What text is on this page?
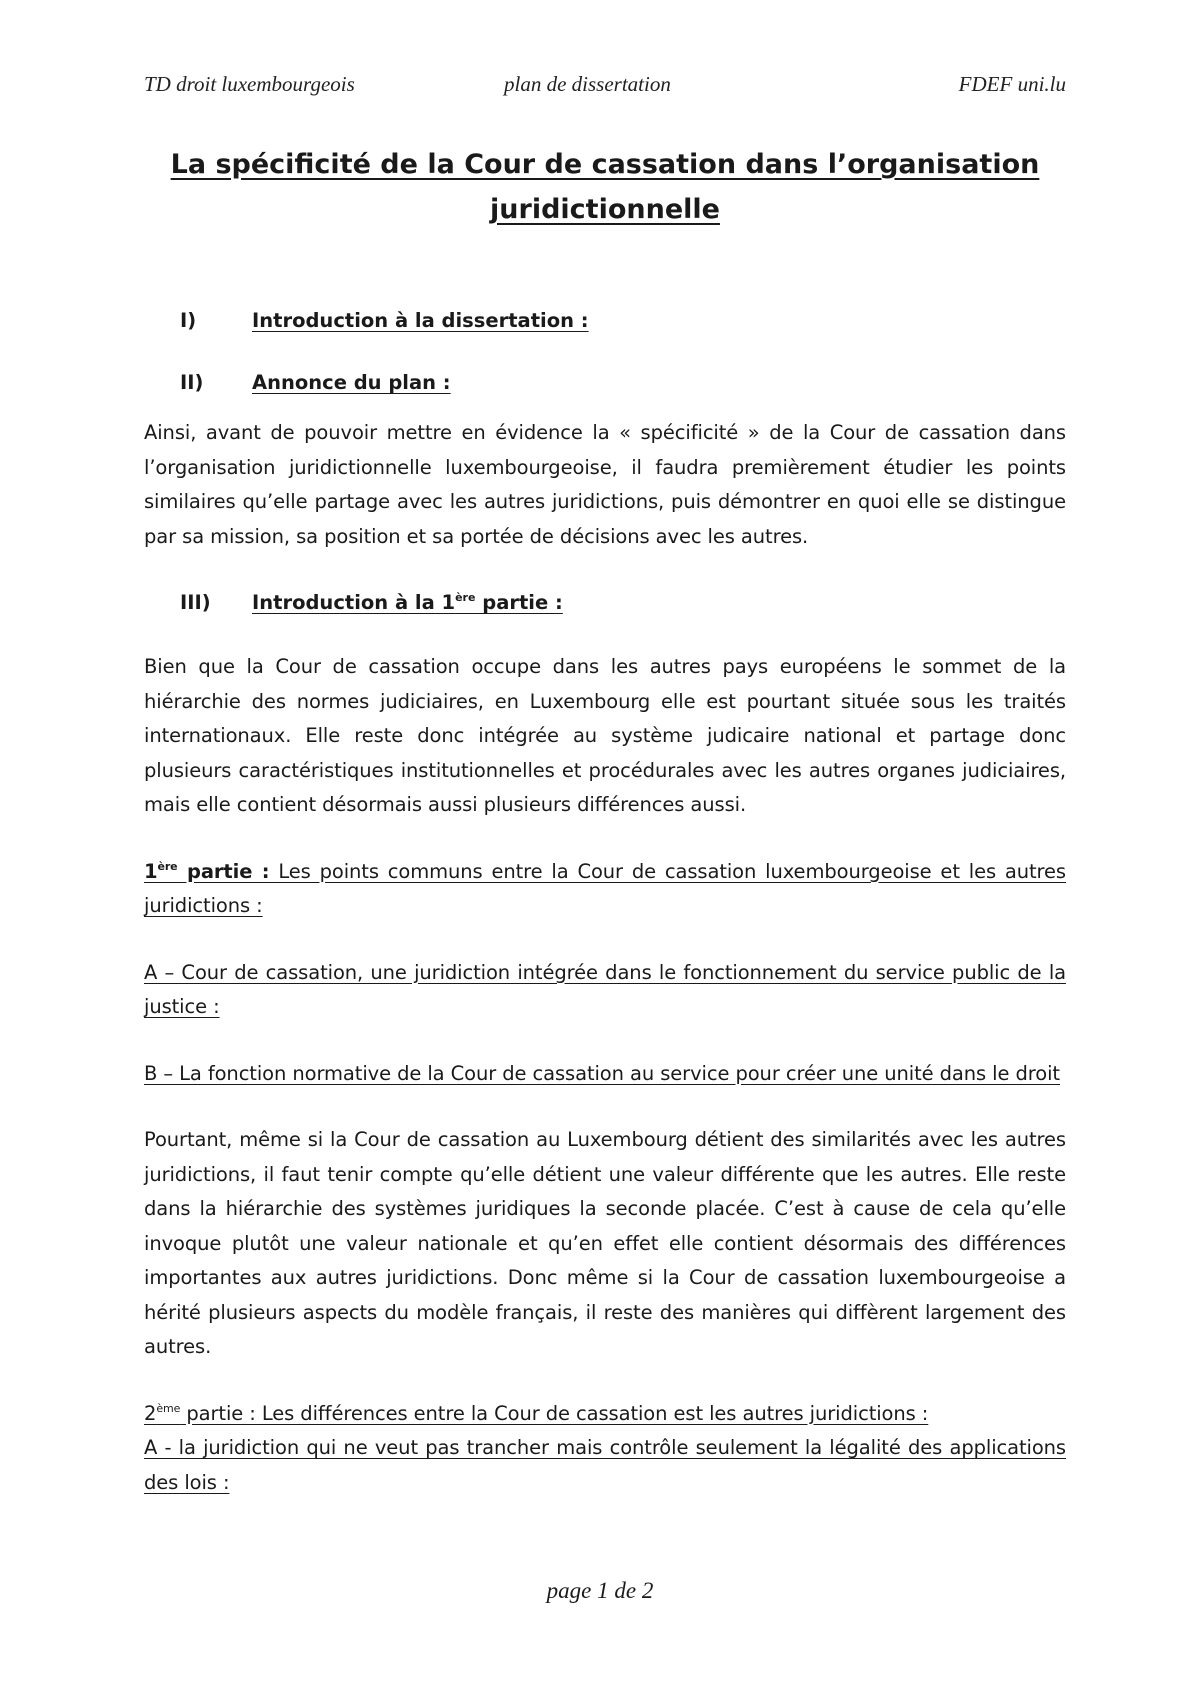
TD droit luxembourgeois	plan de dissertation	FDEF uni.lu
La spécificité de la Cour de cassation dans l’organisation juridictionnelle
I)	Introduction à la dissertation :
II) Annonce du plan :

Ainsi, avant de pouvoir mettre en évidence la « spécificité » de la Cour de cassation dans l’organisation juridictionnelle luxembourgeoise, il faudra premièrement étudier les points similaires qu’elle partage avec les autres juridictions, puis démontrer en quoi elle se distingue par sa mission, sa position et sa portée de décisions avec les autres.

III) Introduction à la 1ère partie :

Bien que la Cour de cassation occupe dans les autres pays européens le sommet de la hiérarchie des normes judiciaires, en Luxembourg elle est pourtant située sous les traités internationaux. Elle reste donc intégrée au système judicaire national et partage donc plusieurs caractéristiques institutionnelles et procédurales avec les autres organes judiciaires, mais elle contient désormais aussi plusieurs différences aussi.

1ère partie : Les points communs entre la Cour de cassation luxembourgeoise et les autres juridictions :

A – Cour de cassation, une juridiction intégrée dans le fonctionnement du service public de la justice :

B – La fonction normative de la Cour de cassation au service pour créer une unité dans le droit

Pourtant, même si la Cour de cassation au Luxembourg détient des similarités avec les autres juridictions, il faut tenir compte qu’elle détient une valeur différente que les autres. Elle reste dans la hiérarchie des systèmes juridiques la seconde placée. C’est à cause de cela qu’elle invoque plutôt une valeur nationale et qu’en effet elle contient désormais des différences importantes aux autres juridictions. Donc même si la Cour de cassation luxembourgeoise a hérité plusieurs aspects du modèle français, il reste des manières qui diffèrent largement des autres.

2ème partie : Les différences entre la Cour de cassation est les autres juridictions :

A - la juridiction qui ne veut pas trancher mais contrôle seulement la légalité des applications des lois :

page 1 de 2
